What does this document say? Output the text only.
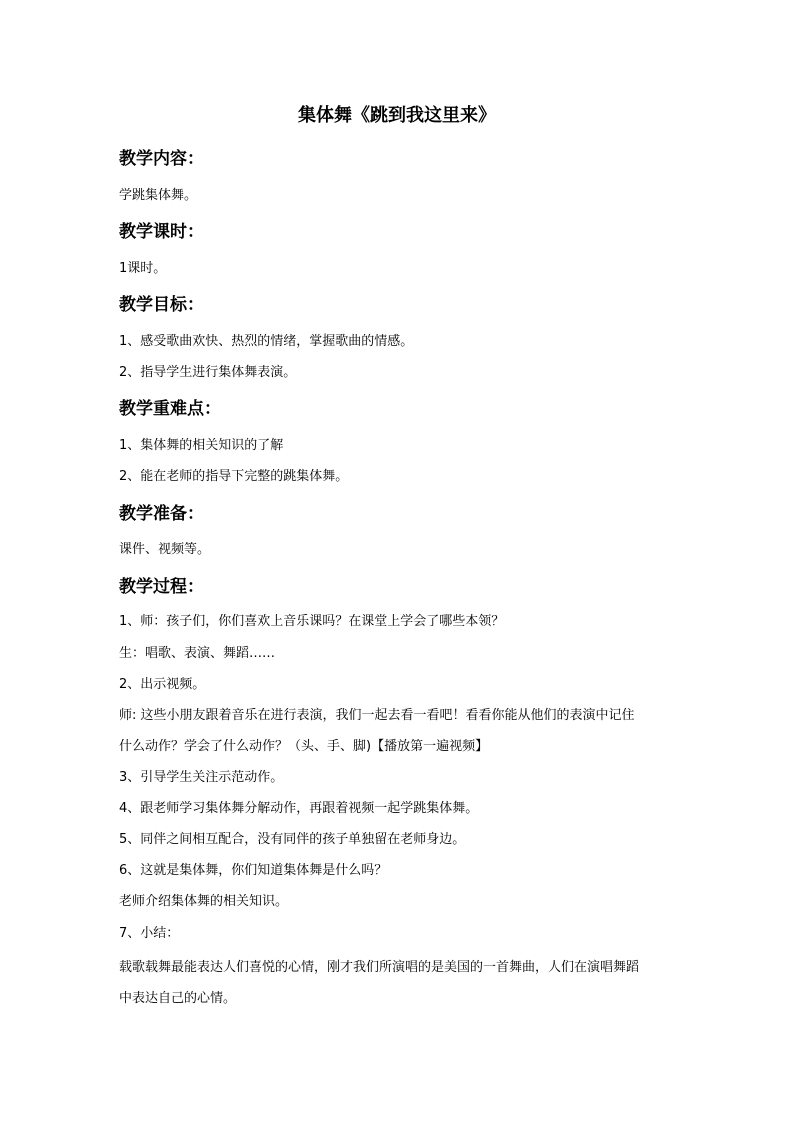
集体舞《跳到我这里来》
教学内容：
学跳集体舞。
教学课时：
1课时。
教学目标：
1、感受歌曲欢快、热烈的情绪，掌握歌曲的情感。
2、指导学生进行集体舞表演。
教学重难点：
1、集体舞的相关知识的了解
2、能在老师的指导下完整的跳集体舞。
教学准备：
课件、视频等。
教学过程：
1、师：孩子们，你们喜欢上音乐课吗？在课堂上学会了哪些本领？
生：唱歌、表演、舞蹈……
2、出示视频。
师: 这些小朋友跟着音乐在进行表演，我们一起去看一看吧！看看你能从他们的表演中记住
什么动作？学会了什么动作？（头、手、脚)【播放第一遍视频】
3、引导学生关注示范动作。
4、跟老师学习集体舞分解动作，再跟着视频一起学跳集体舞。
5、同伴之间相互配合，没有同伴的孩子单独留在老师身边。
6、这就是集体舞，你们知道集体舞是什么吗？
老师介绍集体舞的相关知识。
7、小结：
载歌载舞最能表达人们喜悦的心情，刚才我们所演唱的是美国的一首舞曲，人们在演唱舞蹈
中表达自己的心情。
